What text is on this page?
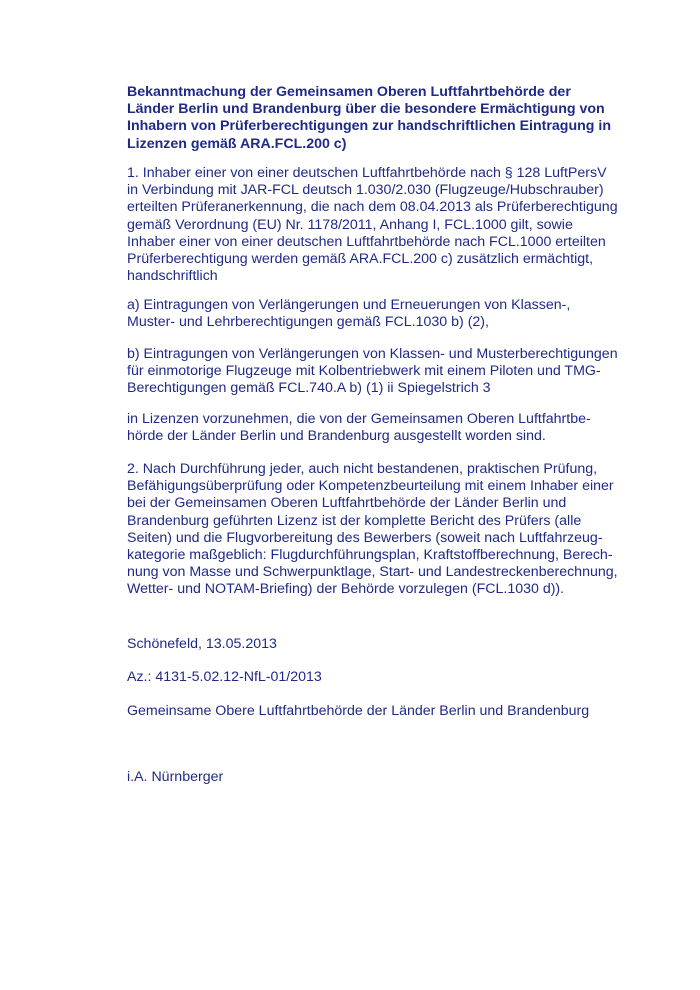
Bekanntmachung der Gemeinsamen Oberen Luftfahrtbehörde der
Länder Berlin und Brandenburg über die besondere Ermächtigung von
Inhabern von Prüferberechtigungen zur handschriftlichen Eintragung in
Lizenzen gemäß ARA.FCL.200 c)

1. Inhaber einer von einer deutschen Luftfahrtbehörde nach § 128 LuftPersV
in Verbindung mit JAR-FCL deutsch 1.030/2.030 (Flugzeuge/Hubschrauber)
erteilten Prüferanerkennung, die nach dem 08.04.2013 als Prüferberechtigung
gemäß Verordnung (EU) Nr. 1178/2011, Anhang I, FCL.1000 gilt, sowie
Inhaber einer von einer deutschen Luftfahrtbehörde nach FCL.1000 erteilten
Prüferberechtigung werden gemäß ARA.FCL.200 c) zusätzlich ermächtigt,
handschriftlich

a) Eintragungen von Verlängerungen und Erneuerungen von Klassen-,
Muster- und Lehrberechtigungen gemäß FCL.1030 b) (2),

b) Eintragungen von Verlängerungen von Klassen- und Musterberechtigungen
für einmotorige Flugzeuge mit Kolbentriebwerk mit einem Piloten und TMG-
Berechtigungen gemäß FCL.740.A b) (1) ii Spiegelstrich 3

in Lizenzen vorzunehmen, die von der Gemeinsamen Oberen Luftfahrtbe-
hörde der Länder Berlin und Brandenburg ausgestellt worden sind.

2. Nach Durchführung jeder, auch nicht bestandenen, praktischen Prüfung,
Befähigungsüberprüfung oder Kompetenzbeurteilung mit einem Inhaber einer
bei der Gemeinsamen Oberen Luftfahrtbehörde der Länder Berlin und
Brandenburg geführten Lizenz ist der komplette Bericht des Prüfers (alle
Seiten) und die Flugvorbereitung des Bewerbers (soweit nach Luftfahrzeug-
kategorie maßgeblich: Flugdurchführungsplan, Kraftstoffberechnung, Berech-
nung von Masse und Schwerpunktlage, Start- und Landestreckenberechnung,
Wetter- und NOTAM-Briefing) der Behörde vorzulegen (FCL.1030 d)).

Schönefeld, 13.05.2013

Az.: 4131-5.02.12-NfL-01/2013

Gemeinsame Obere Luftfahrtbehörde der Länder Berlin und Brandenburg

i.A. Nürnberger
